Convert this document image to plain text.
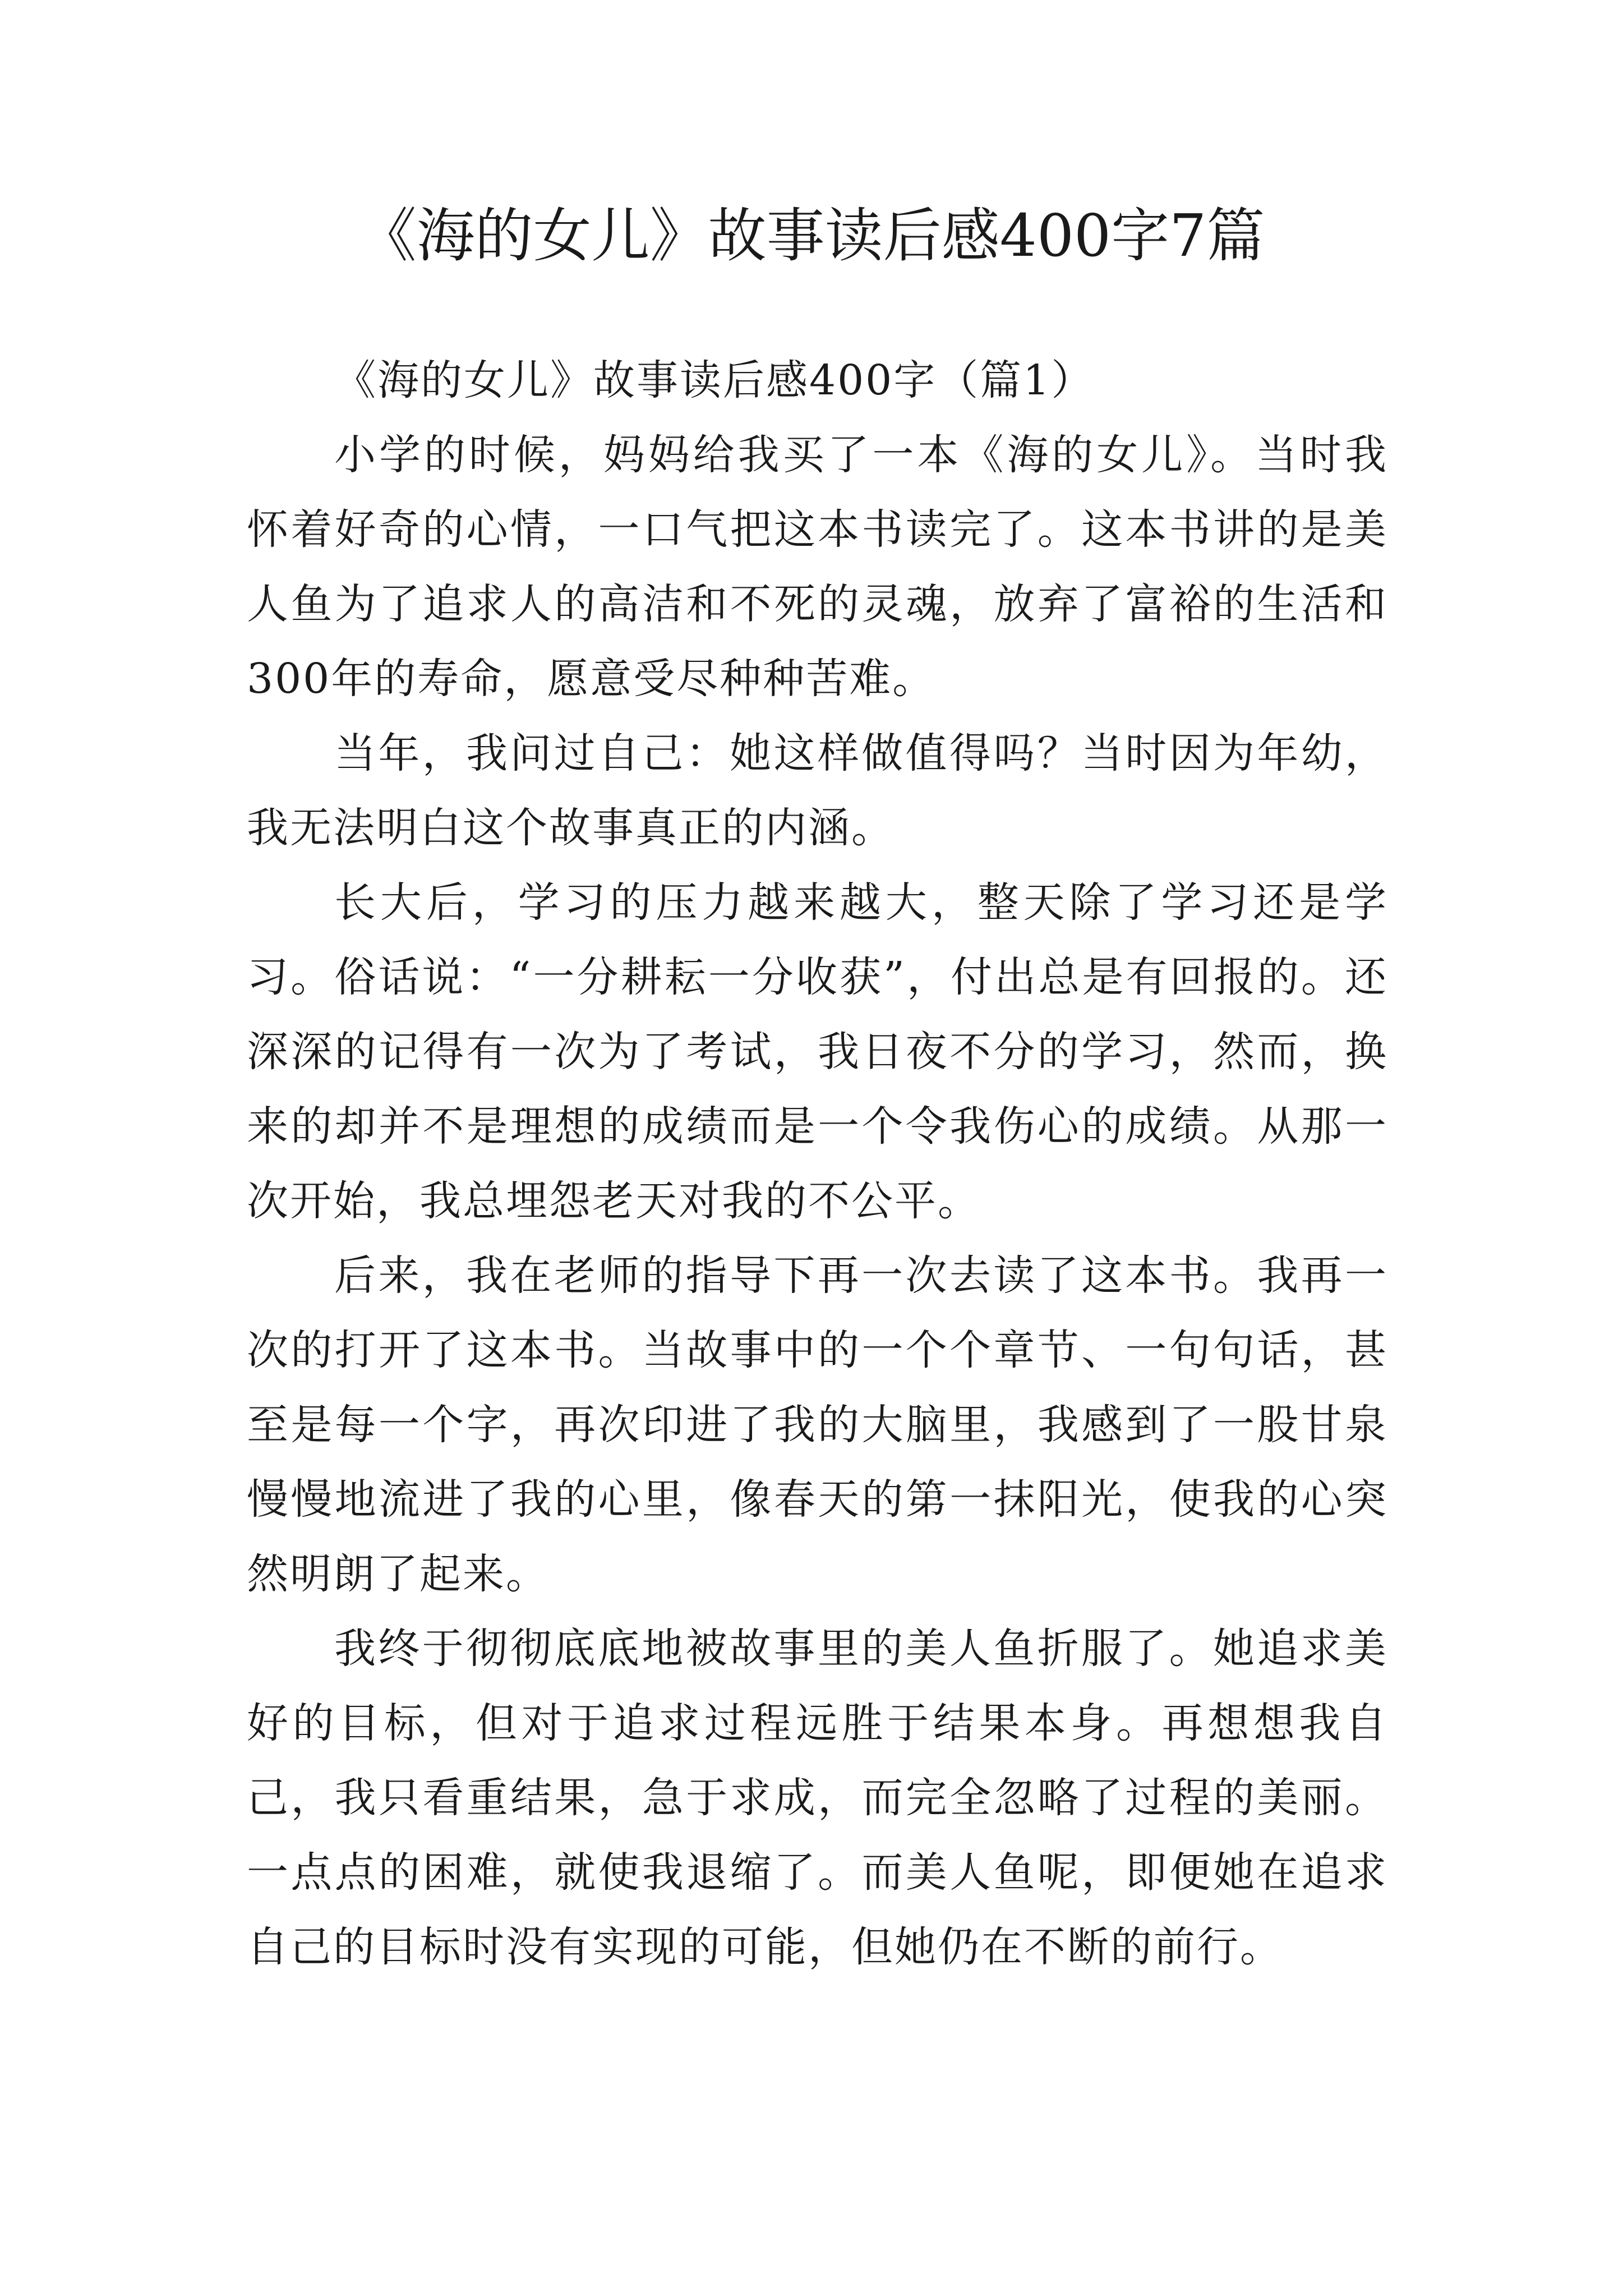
《海的女儿》故事读后感400字7篇

《海的女儿》故事读后感400字（篇1）

小学的时候，妈妈给我买了一本《海的女儿》。当时我怀着好奇的心情，一口气把这本书读完了。这本书讲的是美人鱼为了追求人的高洁和不死的灵魂，放弃了富裕的生活和300年的寿命，愿意受尽种种苦难。

当年，我问过自己：她这样做值得吗？当时因为年幼，我无法明白这个故事真正的内涵。

长大后，学习的压力越来越大，整天除了学习还是学习。俗话说：“一分耕耘一分收获”，付出总是有回报的。还深深的记得有一次为了考试，我日夜不分的学习，然而，换来的却并不是理想的成绩而是一个令我伤心的成绩。从那一次开始，我总埋怨老天对我的不公平。

后来，我在老师的指导下再一次去读了这本书。我再一次的打开了这本书。当故事中的一个个章节、一句句话，甚至是每一个字，再次印进了我的大脑里，我感到了一股甘泉慢慢地流进了我的心里，像春天的第一抹阳光，使我的心突然明朗了起来。

我终于彻彻底底地被故事里的美人鱼折服了。她追求美好的目标，但对于追求过程远胜于结果本身。再想想我自己，我只看重结果，急于求成，而完全忽略了过程的美丽。一点点的困难，就使我退缩了。而美人鱼呢，即便她在追求自己的目标时没有实现的可能，但她仍在不断的前行。
